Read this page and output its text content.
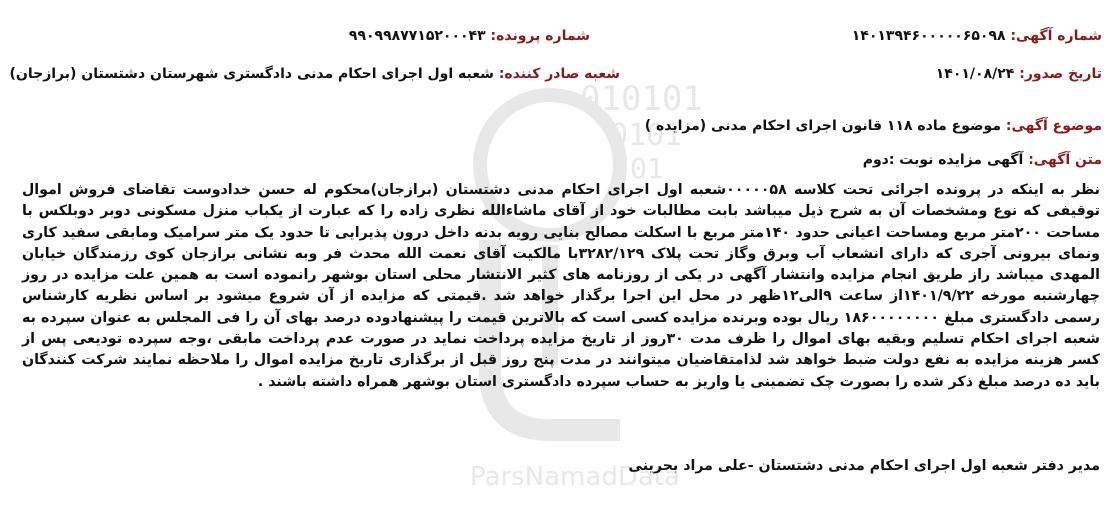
010101
0101
01
ParsNamadData
شماره آگهی: ۱۴۰۱۳۹۴۶۰۰۰۰۰۶۵۰۹۸
شماره پرونده: ۹۹۰۹۹۸۷۷۱۵۲۰۰۰۴۳
تاریخ صدور: ۱۴۰۱/۰۸/۲۴
شعبه صادر کننده: شعبه اول اجرای احکام مدنی دادگستری شهرستان دشتستان (برازجان)
موضوع آگهی: موضوع ماده ۱۱۸ قانون اجرای احکام مدنی (مزایده )
متن آگهی: آگهی مزایده نوبت :دوم
نظر به اینکه در پرونده اجرائی تحت کلاسه ۰۰۰۰۰۵۸شعبه اول اجرای احکام مدنی دشتستان (برازجان)محکوم له حسن خدادوست تقاضای فروش اموال توقیفی که نوع ومشخصات آن به شرح ذیل میباشد بابت مطالبات خود از آقای ماشاءالله نظری زاده را که عبارت از یکباب منزل مسکونی دوبر دوبلکس با مساحت ۲۰۰متر مربع ومساحت اعیانی حدود ۱۴۰متر مربع با اسکلت مصالح بنایی رویه بدنه داخل درون پذیرایی تا حدود یک متر سرامیک ومابقی سفید کاری ونمای بیرونی آجری که دارای انشعاب آب وبرق وگاز تحت پلاک ۳۲۸۲/۱۲۹با مالکیت آقای نعمت الله محدث فر وبه نشانی برازجان کوی رزمندگان خیابان المهدی میباشد راز طریق انجام مزایده وانتشار آگهی در یکی از روزنامه های کثیر الانتشار محلی استان بوشهر رانموده است به همین علت مزایده در روز چهارشنبه مورخه ۱۴۰۱/۹/۲۲از ساعت ۹الی۱۲ظهر در محل این اجرا برگذار خواهد شد .قیمتی که مزایده از آن شروع میشود بر اساس نظریه کارشناس رسمی دادگستری مبلغ ۱۸۶۰۰۰۰۰۰۰۰ ریال بوده وبرنده مزایده کسی است که بالاترین قیمت را پیشنهادوده درصد بهای آن را فی المجلس به عنوان سپرده به شعبه اجرای احکام تسلیم وبقیه بهای اموال را ظرف مدت ۳۰روز از تاریخ مزایده پرداخت نماید در صورت عدم پرداخت مابقی ،وجه سپرده تودیعی پس از کسر هزینه مزایده به نفع دولت ضبط خواهد شد لذامتقاضیان میتوانند در مدت پنج روز قبل از برگذاری تاریخ مزایده اموال را ملاحظه نمایند شرکت کنندگان باید ده درصد مبلغ ذکر شده را بصورت چک تضمینی یا واریز به حساب سپرده دادگستری استان بوشهر همراه داشته باشند .
مدیر دفتر شعبه اول اجرای احکام مدنی دشتستان -علی مراد بحرینی
